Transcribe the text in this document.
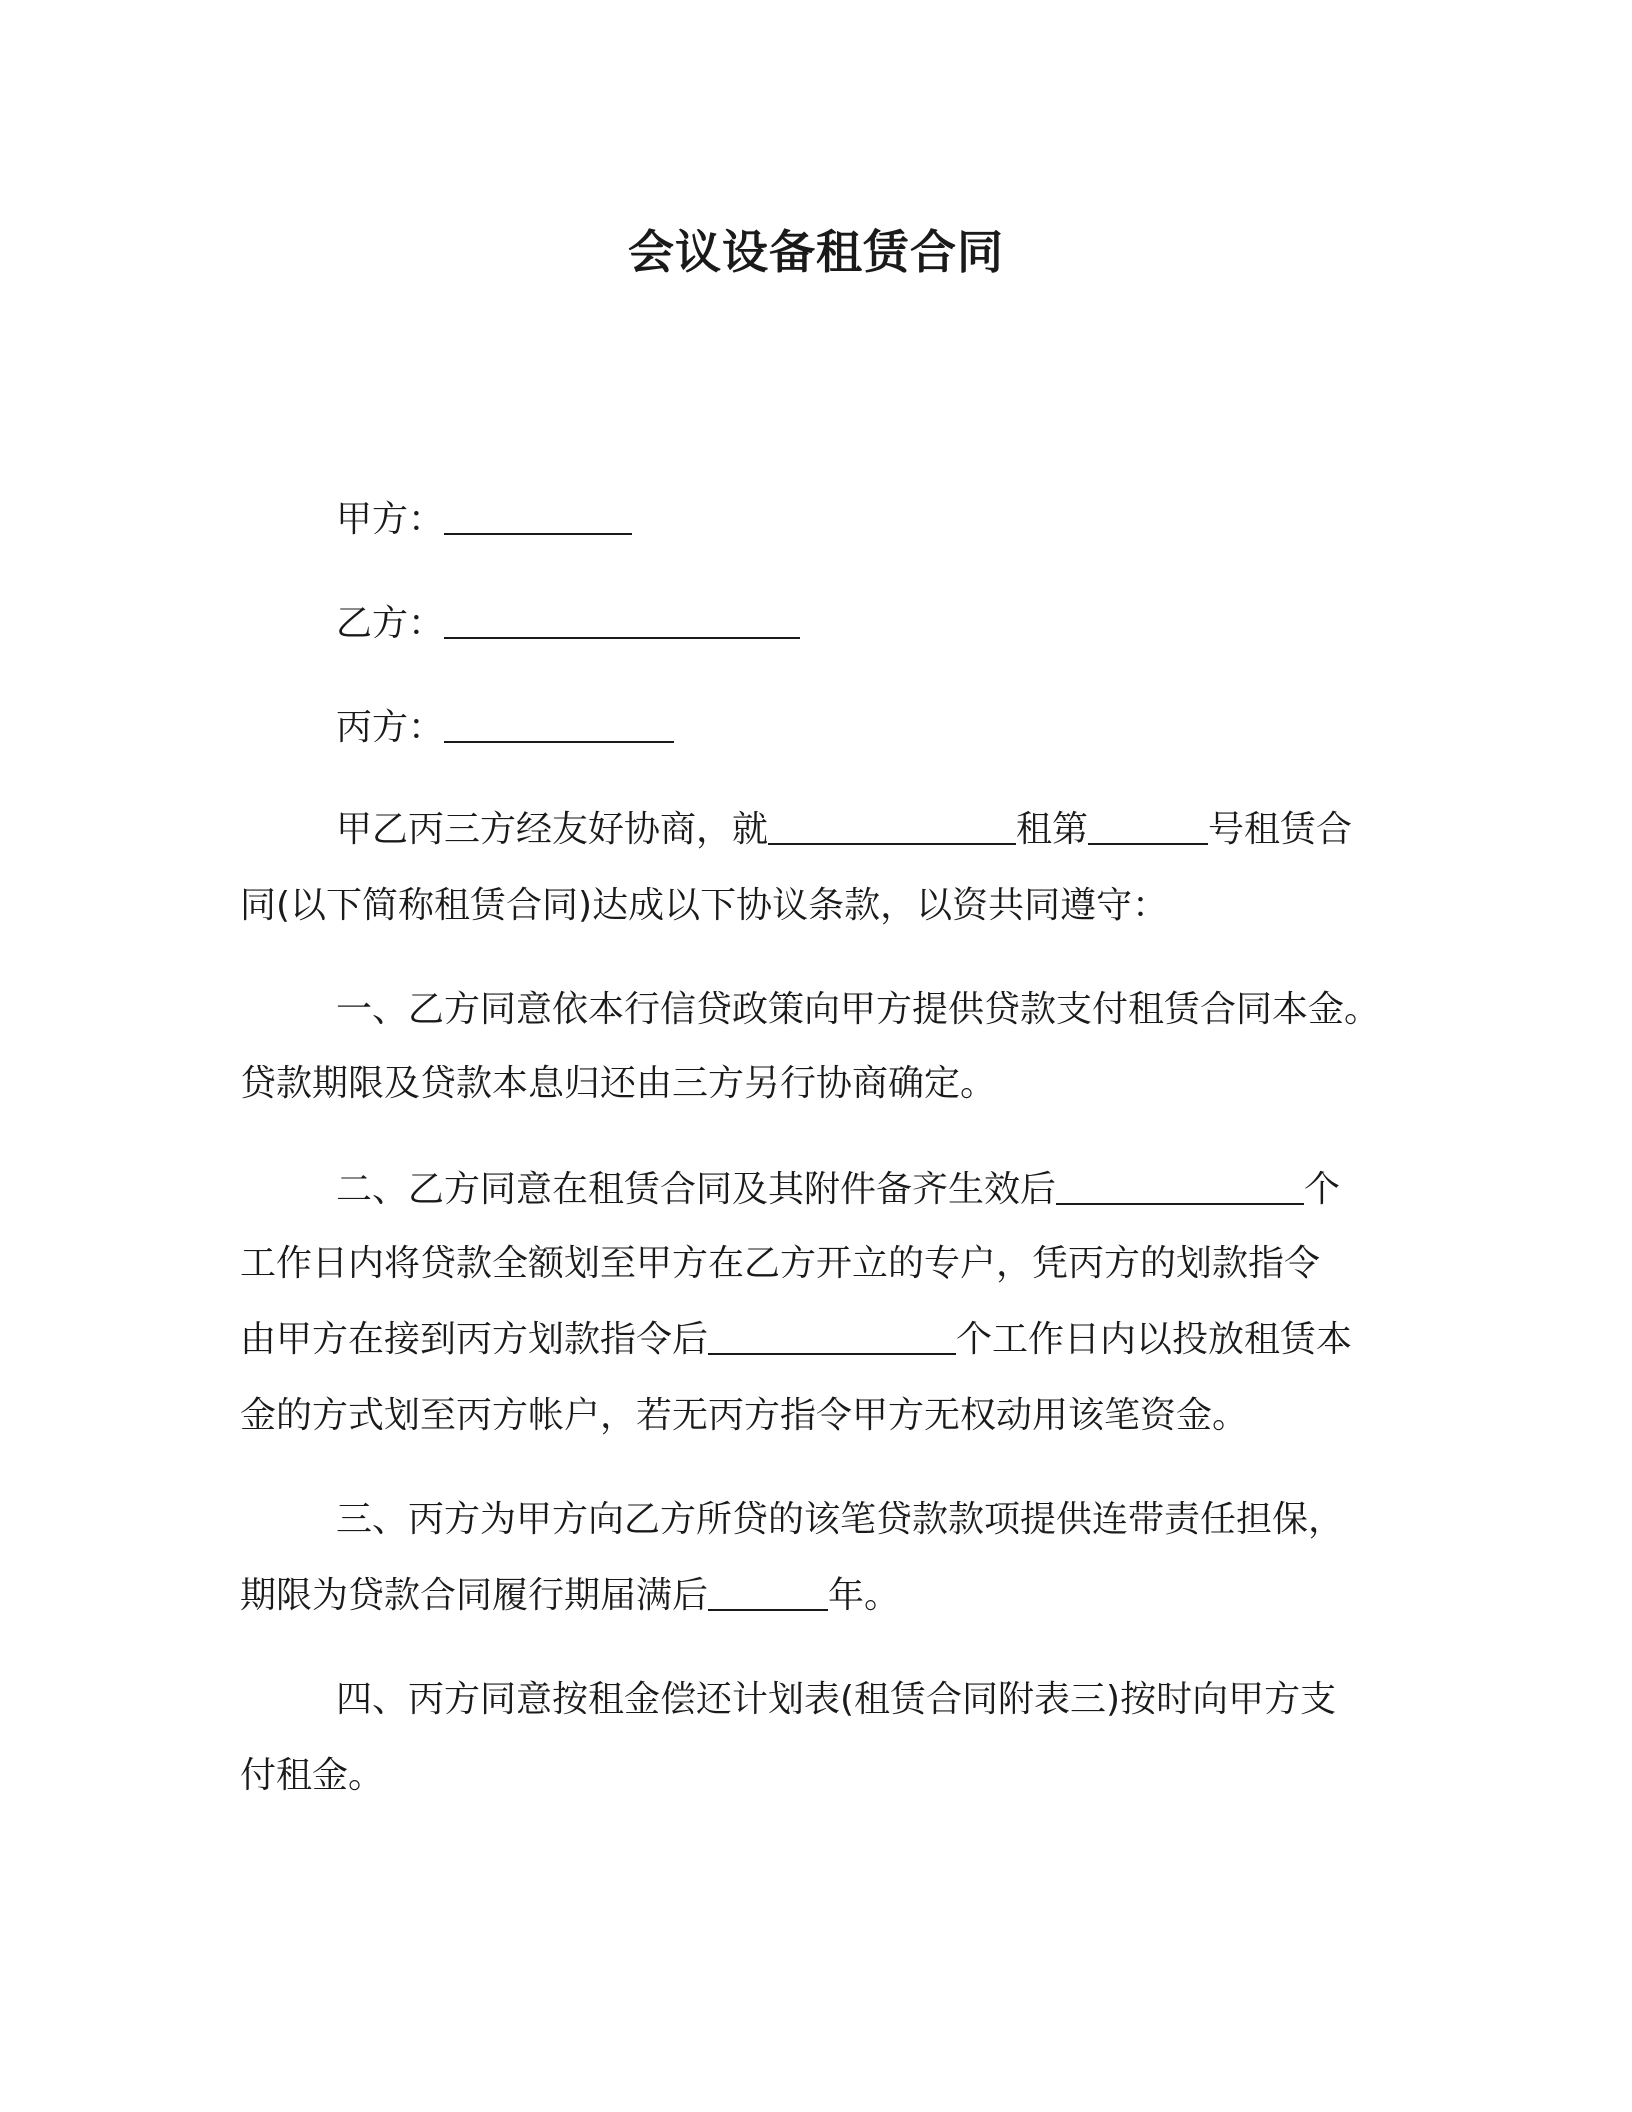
会议设备租赁合同
甲方：
乙方：
丙方：
甲乙丙三方经友好协商，就	租第	号租赁合
同(以下简称租赁合同)达成以下协议条款，以资共同遵守：
一、乙方同意依本行信贷政策向甲方提供贷款支付租赁合同本金。
贷款期限及贷款本息归还由三方另行协商确定。
二、乙方同意在租赁合同及其附件备齐生效后	个
工作日内将贷款全额划至甲方在乙方开立的专户，凭丙方的划款指令
由甲方在接到丙方划款指令后	个工作日内以投放租赁本
金的方式划至丙方帐户，若无丙方指令甲方无权动用该笔资金。
三、丙方为甲方向乙方所贷的该笔贷款款项提供连带责任担保，
期限为贷款合同履行期届满后	年。
四、丙方同意按租金偿还计划表(租赁合同附表三)按时向甲方支
付租金。
